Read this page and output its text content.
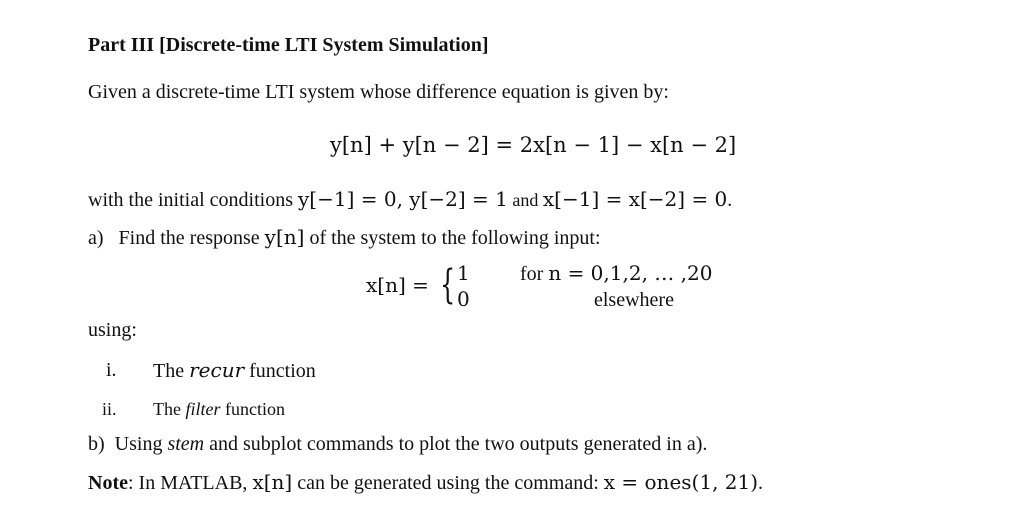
Part III [Discrete-time LTI System Simulation]
Given a discrete-time LTI system whose difference equation is given by:
y[n] + y[n − 2] = 2x[n − 1] − x[n − 2]
with the initial conditions y[−1] = 0, y[−2] = 1 and x[−1] = x[−2] = 0.
a) Find the response y[n] of the system to the following input:
x[n] = { 1
0
for n = 0,1,2, … ,20
elsewhere
using:
i. The recur function
ii. The filter function
b) Using stem and subplot commands to plot the two outputs generated in a).
Note: In MATLAB, x[n] can be generated using the command: x = ones(1, 21).
